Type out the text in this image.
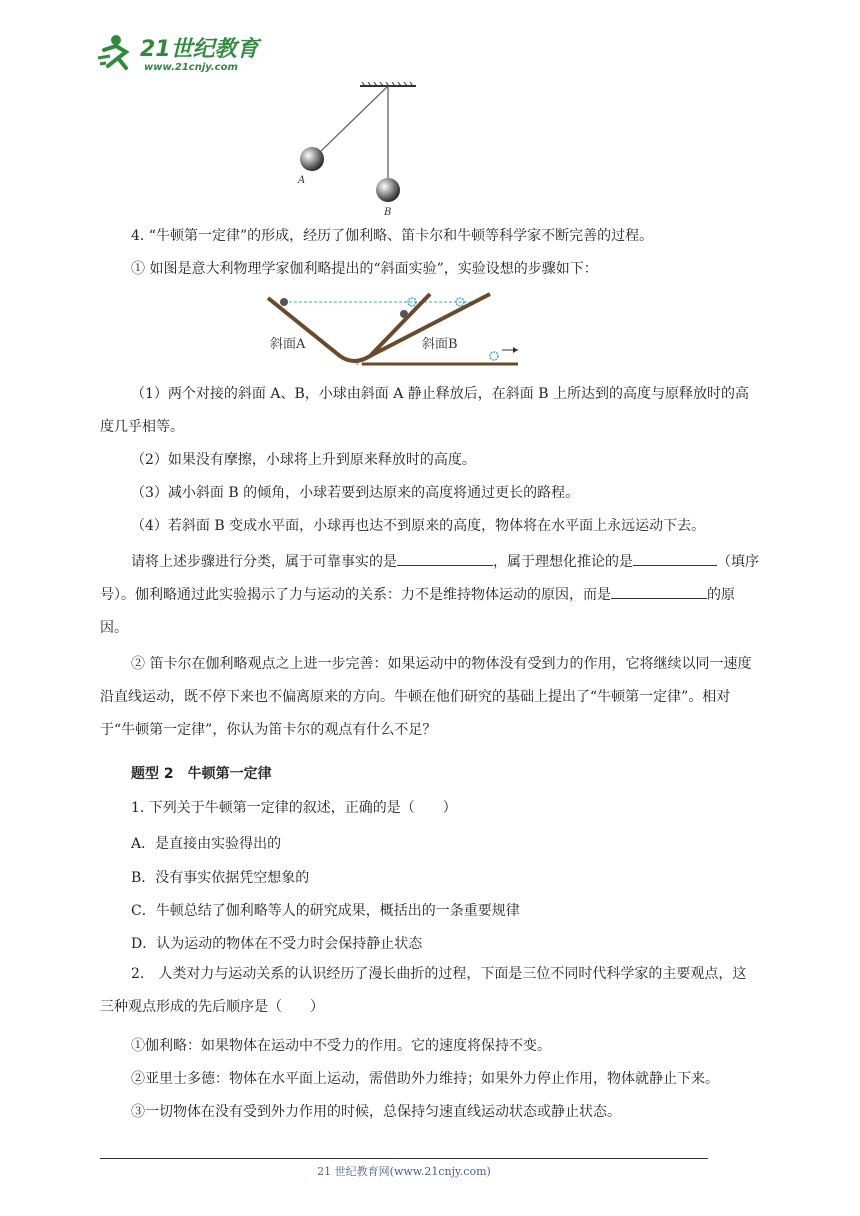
21世纪教育
www.21cnjy.com
A
B
4. “牛顿第一定律”的形成，经历了伽利略、笛卡尔和牛顿等科学家不断完善的过程。
① 如图是意大利物理学家伽利略提出的“斜面实验”，实验设想的步骤如下：
斜面A	斜面B
（1）两个对接的斜面 A、B，小球由斜面 A 静止释放后，在斜面 B 上所达到的高度与原释放时的高度几乎相等。
（2）如果没有摩擦，小球将上升到原来释放时的高度。
（3）减小斜面 B 的倾角，小球若要到达原来的高度将通过更长的路程。
（4）若斜面 B 变成水平面，小球再也达不到原来的高度，物体将在水平面上永远运动下去。
请将上述步骤进行分类，属于可靠事实的是	，属于理想化推论的是	（填序号）。伽利略通过此实验揭示了力与运动的关系：力不是维持物体运动的原因，而是	的原因。
② 笛卡尔在伽利略观点之上进一步完善：如果运动中的物体没有受到力的作用，它将继续以同一速度沿直线运动，既不停下来也不偏离原来的方向。牛顿在他们研究的基础上提出了“牛顿第一定律”。相对于“牛顿第一定律”，你认为笛卡尔的观点有什么不足？
题型 2　牛顿第一定律
1. 下列关于牛顿第一定律的叙述，正确的是（　　）
A．是直接由实验得出的
B．没有事实依据凭空想象的
C．牛顿总结了伽利略等人的研究成果，概括出的一条重要规律
D．认为运动的物体在不受力时会保持静止状态
2.　人类对力与运动关系的认识经历了漫长曲折的过程，下面是三位不同时代科学家的主要观点，这三种观点形成的先后顺序是（　　）
①伽利略：如果物体在运动中不受力的作用。它的速度将保持不变。
②亚里士多德：物体在水平面上运动，需借助外力维持；如果外力停止作用，物体就静止下来。
③一切物体在没有受到外力作用的时候，总保持匀速直线运动状态或静止状态。
21 世纪教育网(www.21cnjy.com)
